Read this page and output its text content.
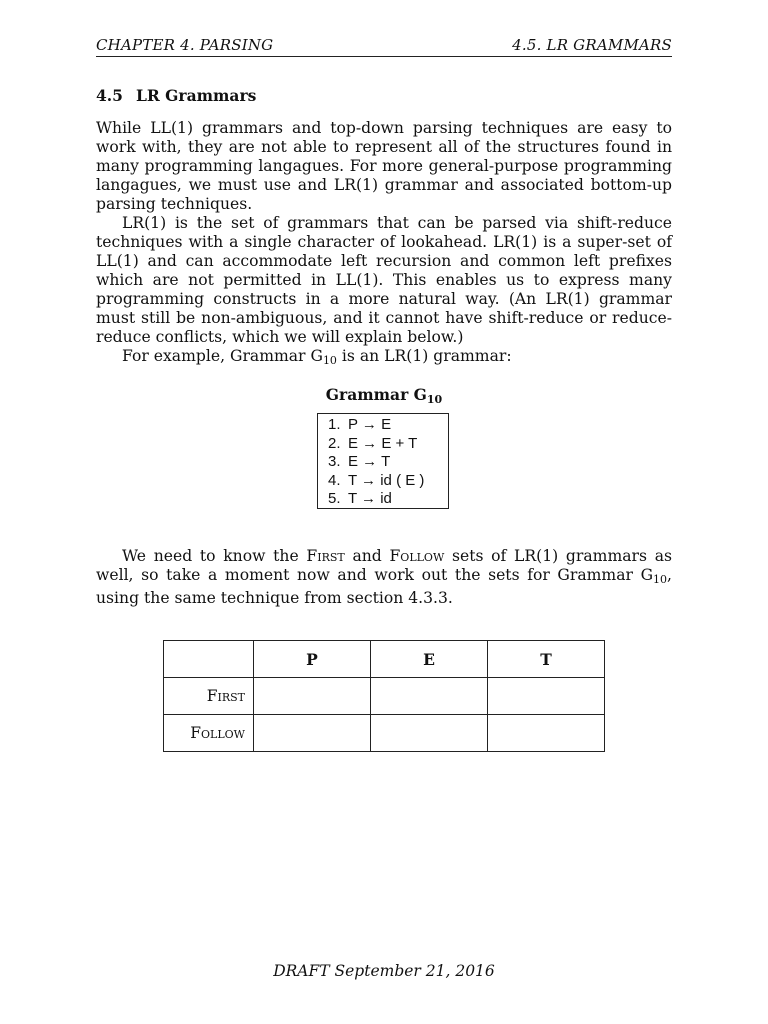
CHAPTER 4. PARSING	4.5. LR GRAMMARS
4.5 LR Grammars

While LL(1) grammars and top-down parsing techniques are easy to work with, they are not able to represent all of the structures found in many programming langagues. For more general-purpose programming langagues, we must use and LR(1) grammar and associated bottom-up parsing techniques.

LR(1) is the set of grammars that can be parsed via shift-reduce techniques with a single character of lookahead. LR(1) is a super-set of LL(1) and can accommodate left recursion and common left prefixes which are not permitted in LL(1). This enables us to express many programming constructs in a more natural way. (An LR(1) grammar must still be non-ambiguous, and it cannot have shift-reduce or reduce-reduce conflicts, which we will explain below.)

For example, Grammar $G_{10}$ is an LR(1) grammar:

Grammar $G_{10}$
1. P → E
2. E → E + T
3. E → T
4. T → id ( E )
5. T → id

We need to know the First and Follow sets of LR(1) grammars as well, so take a moment now and work out the sets for Grammar $G_{10}$, using the same technique from section 4.3.3.

	P	E	T
First			
Follow			
DRAFT September 21, 2016
